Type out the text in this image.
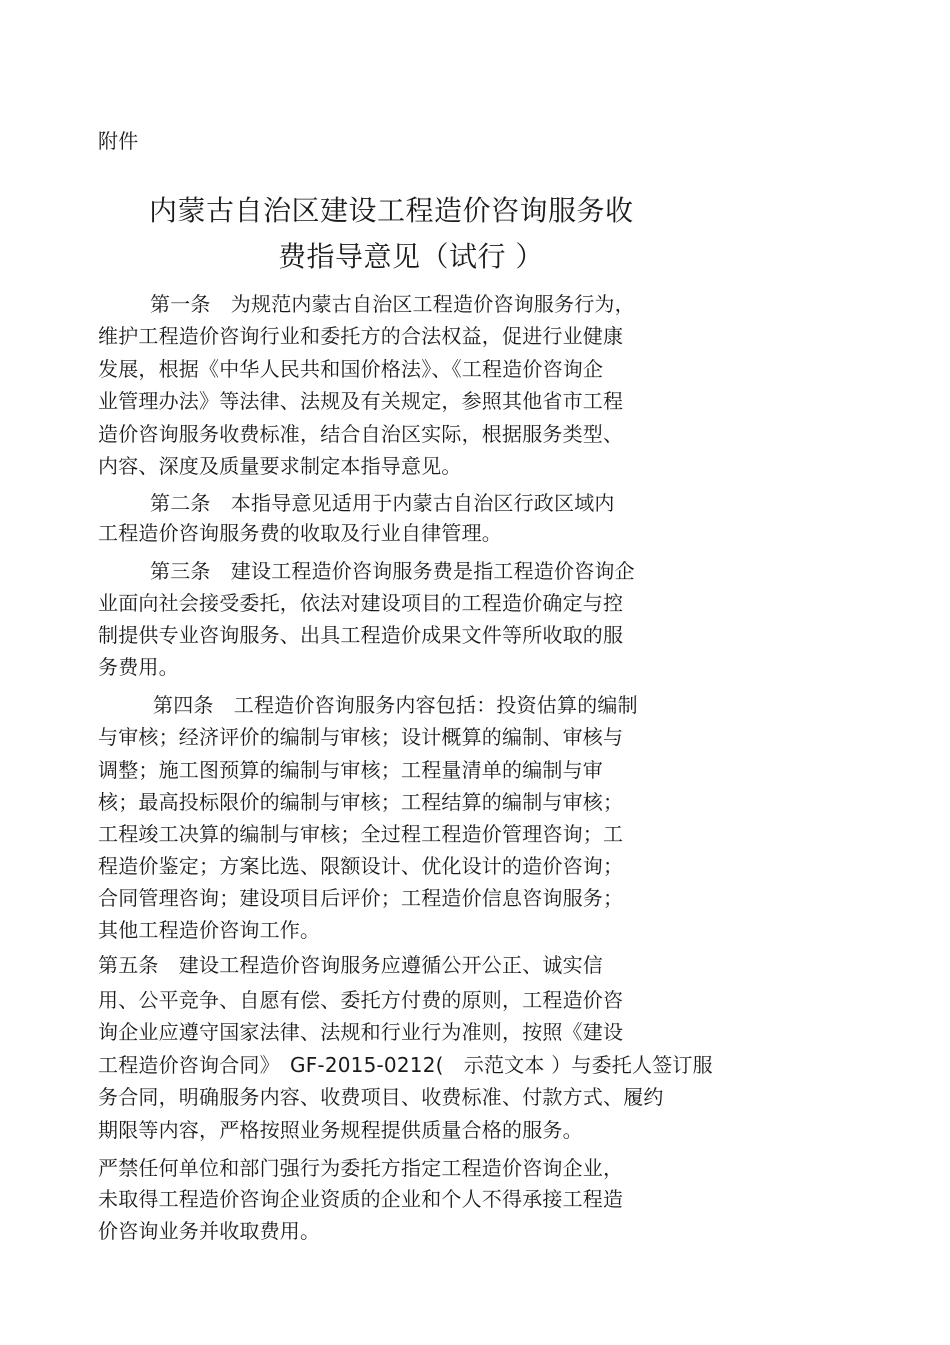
附件
内蒙古自治区建设工程造价咨询服务收
费指导意见（试行 ）
第一条　为规范内蒙古自治区工程造价咨询服务行为，
维护工程造价咨询行业和委托方的合法权益，促进行业健康
发展，根据《中华人民共和国价格法》、《工程造价咨询企
业管理办法》等法律、法规及有关规定，参照其他省市工程
造价咨询服务收费标准，结合自治区实际，根据服务类型、
内容、深度及质量要求制定本指导意见。
第二条　本指导意见适用于内蒙古自治区行政区域内
工程造价咨询服务费的收取及行业自律管理。
第三条　建设工程造价咨询服务费是指工程造价咨询企
业面向社会接受委托，依法对建设项目的工程造价确定与控
制提供专业咨询服务、出具工程造价成果文件等所收取的服
务费用。
第四条　工程造价咨询服务内容包括：投资估算的编制
与审核；经济评价的编制与审核；设计概算的编制、审核与
调整；施工图预算的编制与审核；工程量清单的编制与审
核；最高投标限价的编制与审核；工程结算的编制与审核；
工程竣工决算的编制与审核；全过程工程造价管理咨询；工
程造价鉴定；方案比选、限额设计、优化设计的造价咨询；
合同管理咨询；建设项目后评价；工程造价信息咨询服务；
其他工程造价咨询工作。
第五条　建设工程造价咨询服务应遵循公开公正、诚实信
用、公平竞争、自愿有偿、委托方付费的原则，工程造价咨
询企业应遵守国家法律、法规和行业行为准则，按照《建设
工程造价咨询合同》　GF-2015-0212(　示范文本 ）与委托人签订服
务合同，明确服务内容、收费项目、收费标准、付款方式、履约
期限等内容，严格按照业务规程提供质量合格的服务。
严禁任何单位和部门强行为委托方指定工程造价咨询企业，
未取得工程造价咨询企业资质的企业和个人不得承接工程造
价咨询业务并收取费用。
